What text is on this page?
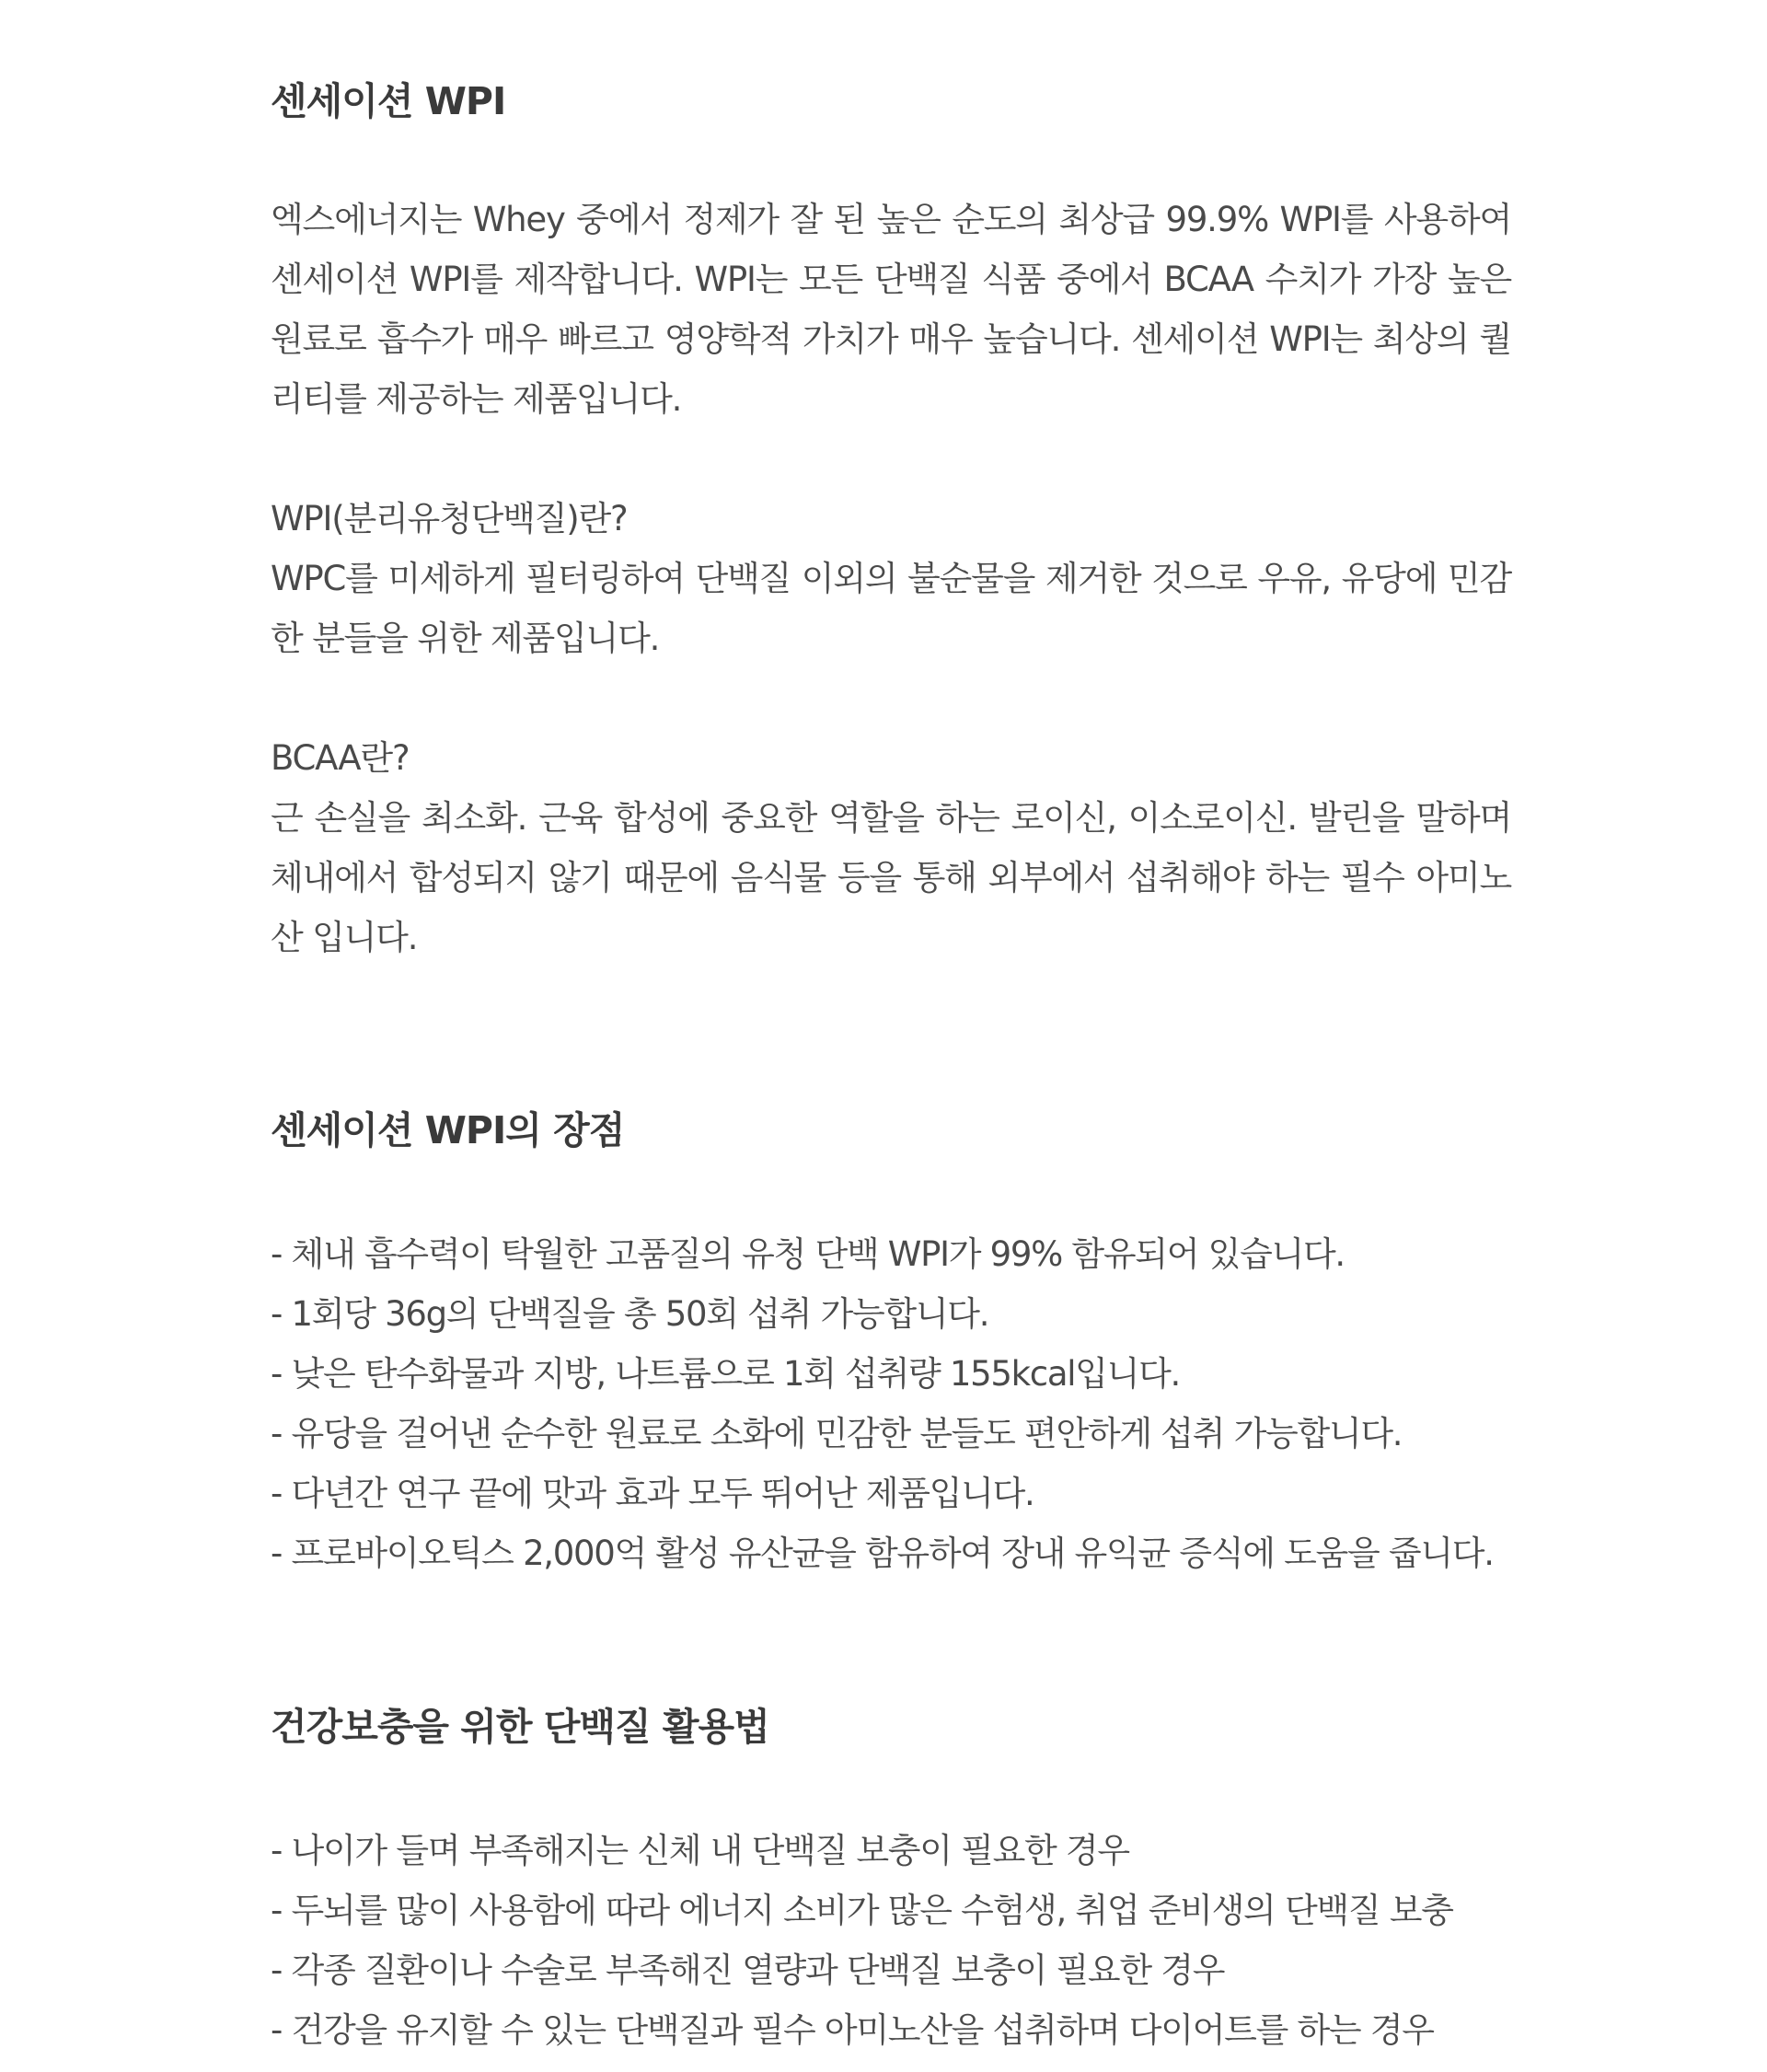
센세이션 WPI

엑스에너지는 Whey 중에서 정제가 잘 된 높은 순도의 최상급 99.9% WPI를 사용하여 센세이션 WPI를 제작합니다. WPI는 모든 단백질 식품 중에서 BCAA 수치가 가장 높은 원료로 흡수가 매우 빠르고 영양학적 가치가 매우 높습니다. 센세이션 WPI는 최상의 퀄리티를 제공하는 제품입니다.

WPI(분리유청단백질)란?

WPC를 미세하게 필터링하여 단백질 이외의 불순물을 제거한 것으로 우유, 유당에 민감한 분들을 위한 제품입니다.

BCAA란?

근 손실을 최소화. 근육 합성에 중요한 역할을 하는 로이신, 이소로이신. 발린을 말하며 체내에서 합성되지 않기 때문에 음식물 등을 통해 외부에서 섭취해야 하는 필수 아미노산 입니다.

센세이션 WPI의 장점
- 체내 흡수력이 탁월한 고품질의 유청 단백 WPI가 99% 함유되어 있습니다.
- 1회당 36g의 단백질을 총 50회 섭취 가능합니다.
- 낮은 탄수화물과 지방, 나트륨으로 1회 섭취량 155kcal입니다.
- 유당을 걸어낸 순수한 원료로 소화에 민감한 분들도 편안하게 섭취 가능합니다.
- 다년간 연구 끝에 맛과 효과 모두 뛰어난 제품입니다.
- 프로바이오틱스 2,000억 활성 유산균을 함유하여 장내 유익균 증식에 도움을 줍니다.
건강보충을 위한 단백질 활용법
- 나이가 들며 부족해지는 신체 내 단백질 보충이 필요한 경우
- 두뇌를 많이 사용함에 따라 에너지 소비가 많은 수험생, 취업 준비생의 단백질 보충
- 각종 질환이나 수술로 부족해진 열량과 단백질 보충이 필요한 경우
- 건강을 유지할 수 있는 단백질과 필수 아미노산을 섭취하며 다이어트를 하는 경우
